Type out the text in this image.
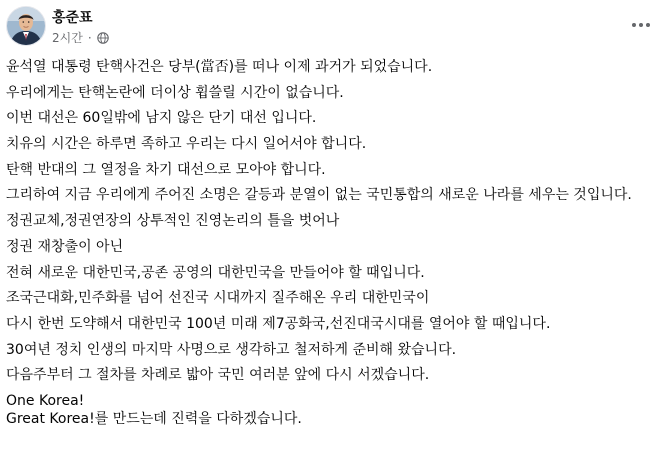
홍준표
2시간 ·

윤석열 대통령 탄핵사건은 당부(當否)를 떠나 이제 과거가 되었습니다.

우리에게는 탄핵논란에 더이상 휩쓸릴 시간이 없습니다.

이번 대선은 60일밖에 남지 않은 단기 대선 입니다.

치유의 시간은 하루면 족하고 우리는 다시 일어서야 합니다.

탄핵 반대의 그 열정을 차기 대선으로 모아야 합니다.

그리하여 지금 우리에게 주어진 소명은 갈등과 분열이 없는 국민통합의 새로운 나라를 세우는 것입니다.

정권교체,정권연장의 상투적인 진영논리의 틀을 벗어나

정권 재창출이 아닌

전혀 새로운 대한민국,공존 공영의 대한민국을 만들어야 할 때입니다.

조국근대화,민주화를 넘어 선진국 시대까지 질주해온 우리 대한민국이

다시 한번 도약해서 대한민국 100년 미래 제7공화국,선진대국시대를 열어야 할 때입니다.

30여년 정치 인생의 마지막 사명으로 생각하고 철저하게 준비해 왔습니다.

다음주부터 그 절차를 차례로 밟아 국민 여러분 앞에 다시 서겠습니다.

One Korea!
Great Korea!를 만드는데 진력을 다하겠습니다.
